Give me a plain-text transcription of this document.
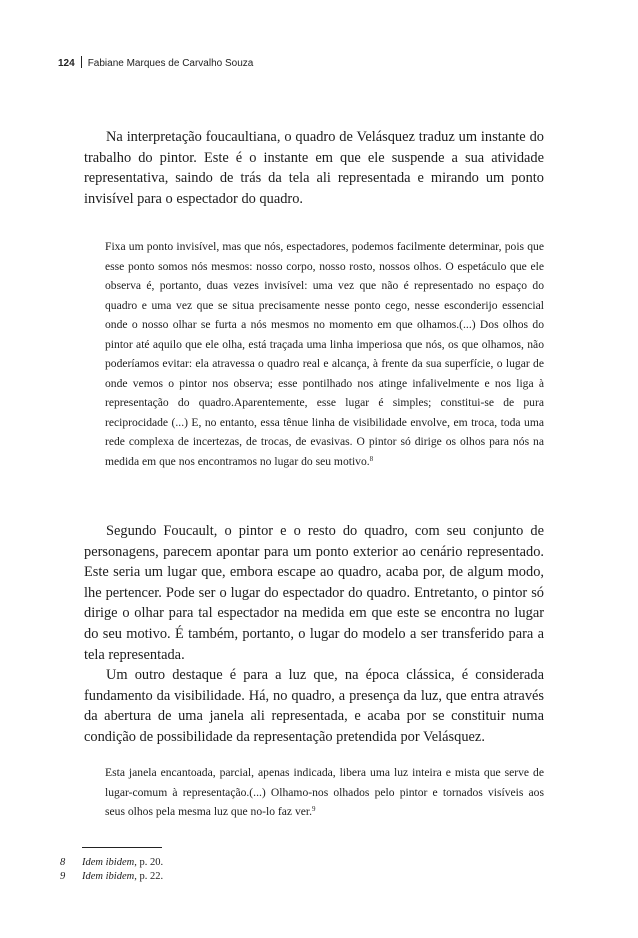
124 Fabiane Marques de Carvalho Souza

Na interpretação foucaultiana, o quadro de Velásquez traduz um instante do trabalho do pintor. Este é o instante em que ele suspende a sua atividade representativa, saindo de trás da tela ali representada e mirando um ponto invisível para o espectador do quadro.

Fixa um ponto invisível, mas que nós, espectadores, podemos facilmente determinar, pois que esse ponto somos nós mesmos: nosso corpo, nosso rosto, nossos olhos. O espetáculo que ele observa é, portanto, duas vezes invisível: uma vez que não é representado no espaço do quadro e uma vez que se situa precisamente nesse ponto cego, nesse esconderijo essencial onde o nosso olhar se furta a nós mesmos no momento em que olhamos.(...) Dos olhos do pintor até aquilo que ele olha, está traçada uma linha imperiosa que nós, os que olhamos, não poderíamos evitar: ela atravessa o quadro real e alcança, à frente da sua superfície, o lugar de onde vemos o pintor nos observa; esse pontilhado nos atinge infalivelmente e nos liga à representação do quadro.Aparentemente, esse lugar é simples; constitui-se de pura reciprocidade (...) E, no entanto, essa tênue linha de visibilidade envolve, em troca, toda uma rede complexa de incertezas, de trocas, de evasivas. O pintor só dirige os olhos para nós na medida em que nos encontramos no lugar do seu motivo.$^8$

Segundo Foucault, o pintor e o resto do quadro, com seu conjunto de personagens, parecem apontar para um ponto exterior ao cenário representado. Este seria um lugar que, embora escape ao quadro, acaba por, de algum modo, lhe pertencer. Pode ser o lugar do espectador do quadro. Entretanto, o pintor só dirige o olhar para tal espectador na medida em que este se encontra no lugar do seu motivo. É também, portanto, o lugar do modelo a ser transferido para a tela representada.

Um outro destaque é para a luz que, na época clássica, é considerada fundamento da visibilidade. Há, no quadro, a presença da luz, que entra através da abertura de uma janela ali representada, e acaba por se constituir numa condição de possibilidade da representação pretendida por Velásquez.

Esta janela encantoada, parcial, apenas indicada, libera uma luz inteira e mista que serve de lugar-comum à representação.(...) Olhamo-nos olhados pelo pintor e tornados visíveis aos seus olhos pela mesma luz que no-lo faz ver.$^9$

8 Idem ibidem, p. 20.
9 Idem ibidem, p. 22.
